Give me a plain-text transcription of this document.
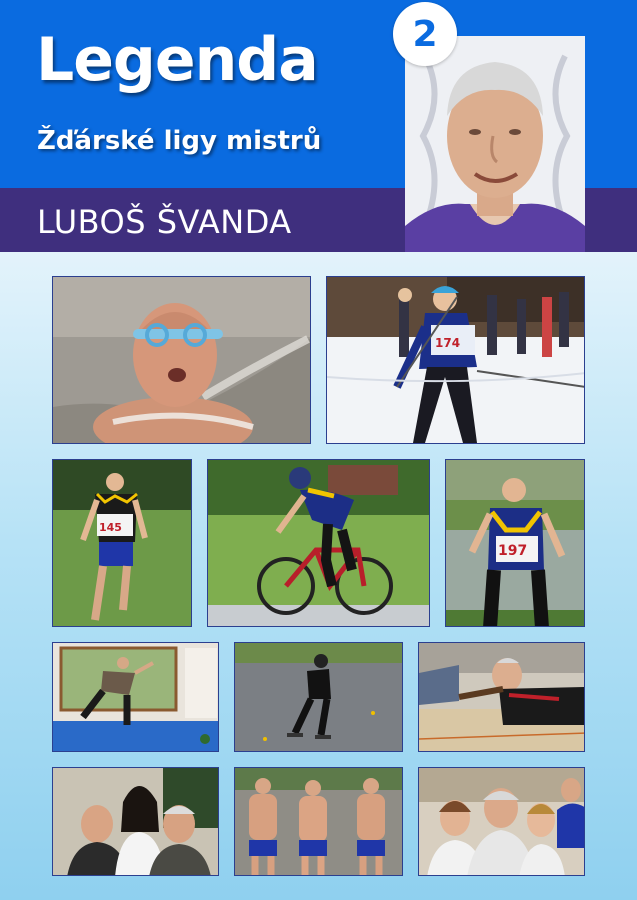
Legenda
Žďárské ligy mistrů
LUBOŠ ŠVANDA
2
174
145
197
